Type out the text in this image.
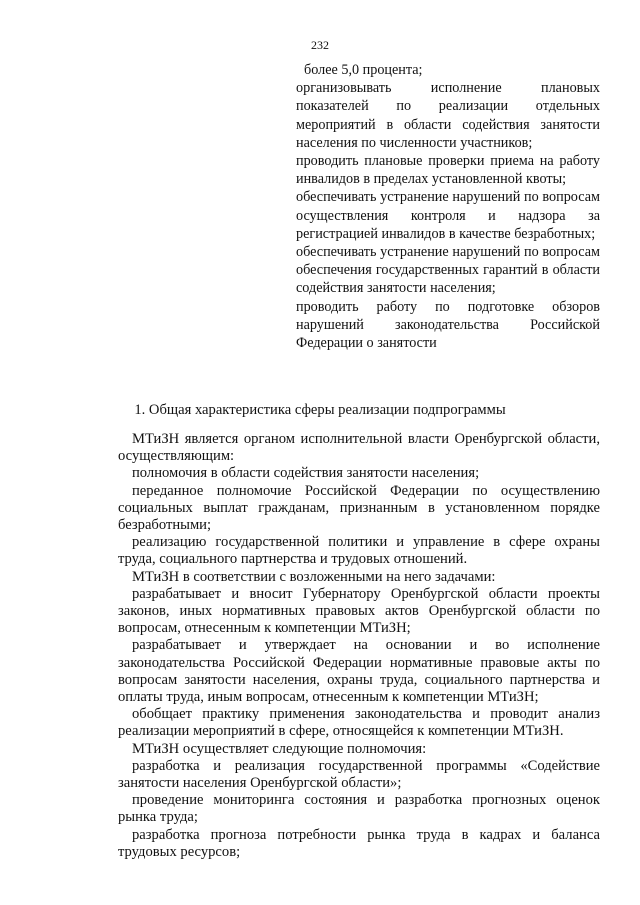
232

более 5,0 процента;

организовывать исполнение плановых показателей по реализации отдельных мероприятий в области содействия занятости населения по численности участников;

проводить плановые проверки приема на работу инвалидов в пределах установленной квоты;

обеспечивать устранение нарушений по вопросам осуществления контроля и надзора за регистрацией инвалидов в качестве безработных;

обеспечивать устранение нарушений по вопросам обеспечения государственных гарантий в области содействия занятости населения;

проводить работу по подготовке обзоров нарушений законодательства Российской Федерации о занятости

1. Общая характеристика сферы реализации подпрограммы

МТиЗН является органом исполнительной власти Оренбургской области, осуществляющим:

полномочия в области содействия занятости населения;

переданное полномочие Российской Федерации по осуществлению социальных выплат гражданам, признанным в установленном порядке безработными;

реализацию государственной политики и управление в сфере охраны труда, социального партнерства и трудовых отношений.

МТиЗН в соответствии с возложенными на него задачами:

разрабатывает и вносит Губернатору Оренбургской области проекты законов, иных нормативных правовых актов Оренбургской области по вопросам, отнесенным к компетенции МТиЗН;

разрабатывает и утверждает на основании и во исполнение законодательства Российской Федерации нормативные правовые акты по вопросам занятости населения, охраны труда, социального партнерства и оплаты труда, иным вопросам, отнесенным к компетенции МТиЗН;

обобщает практику применения законодательства и проводит анализ реализации мероприятий в сфере, относящейся к компетенции МТиЗН.

МТиЗН осуществляет следующие полномочия:

разработка и реализация государственной программы «Содействие занятости населения Оренбургской области»;

проведение мониторинга состояния и разработка прогнозных оценок рынка труда;

разработка прогноза потребности рынка труда в кадрах и баланса трудовых ресурсов;
